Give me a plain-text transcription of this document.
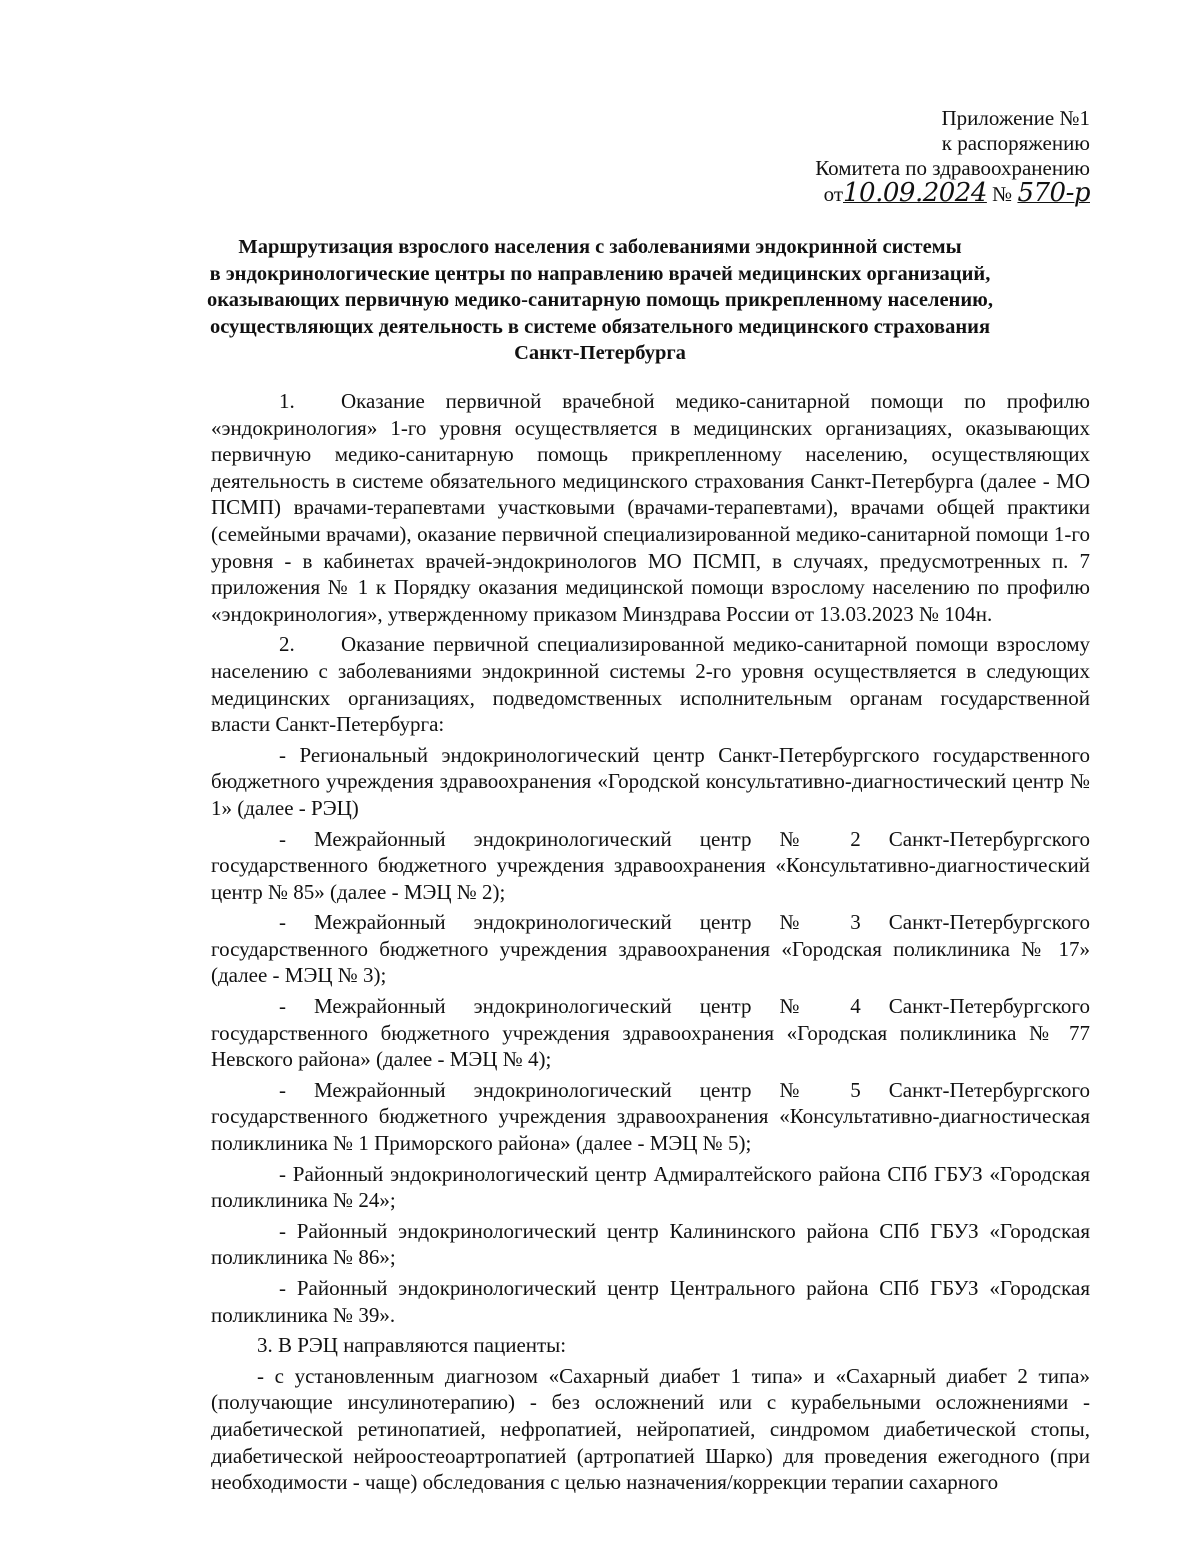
Приложение №1
к распоряжению
Комитета по здравоохранению
от10.09.2024 № 570-р
Маршрутизация взрослого населения с заболеваниями эндокринной системы
в эндокринологические центры по направлению врачей медицинских организаций,
оказывающих первичную медико-санитарную помощь прикрепленному населению,
осуществляющих деятельность в системе обязательного медицинского страхования
Санкт-Петербурга

1. Оказание первичной врачебной медико-санитарной помощи по профилю «эндокринология» 1-го уровня осуществляется в медицинских организациях, оказывающих первичную медико-санитарную помощь прикрепленному населению, осуществляющих деятельность в системе обязательного медицинского страхования Санкт-Петербурга (далее - МО ПСМП) врачами-терапевтами участковыми (врачами-терапевтами), врачами общей практики (семейными врачами), оказание первичной специализированной медико-санитарной помощи 1-го уровня - в кабинетах врачей-эндокринологов МО ПСМП, в случаях, предусмотренных п. 7 приложения № 1 к Порядку оказания медицинской помощи взрослому населению по профилю «эндокринология», утвержденному приказом Минздрава России от 13.03.2023 № 104н.

2. Оказание первичной специализированной медико-санитарной помощи взрослому населению с заболеваниями эндокринной системы 2-го уровня осуществляется в следующих медицинских организациях, подведомственных исполнительным органам государственной власти Санкт-Петербурга:

- Региональный эндокринологический центр Санкт-Петербургского государственного бюджетного учреждения здравоохранения «Городской консультативно-диагностический центр № 1» (далее - РЭЦ)

- Межрайонный эндокринологический центр № 2 Санкт-Петербургского государственного бюджетного учреждения здравоохранения «Консультативно-диагностический центр № 85» (далее - МЭЦ № 2);

- Межрайонный эндокринологический центр № 3 Санкт-Петербургского государственного бюджетного учреждения здравоохранения «Городская поликлиника № 17» (далее - МЭЦ № 3);

- Межрайонный эндокринологический центр № 4 Санкт-Петербургского государственного бюджетного учреждения здравоохранения «Городская поликлиника № 77 Невского района» (далее - МЭЦ № 4);

- Межрайонный эндокринологический центр № 5 Санкт-Петербургского государственного бюджетного учреждения здравоохранения «Консультативно-диагностическая поликлиника № 1 Приморского района» (далее - МЭЦ № 5);

- Районный эндокринологический центр Адмиралтейского района СПб ГБУЗ «Городская поликлиника № 24»;

- Районный эндокринологический центр Калининского района СПб ГБУЗ «Городская поликлиника № 86»;

- Районный эндокринологический центр Центрального района СПб ГБУЗ «Городская поликлиника № 39».

3. В РЭЦ направляются пациенты:

- с установленным диагнозом «Сахарный диабет 1 типа» и «Сахарный диабет 2 типа» (получающие инсулинотерапию) - без осложнений или с курабельными осложнениями - диабетической ретинопатией, нефропатией, нейропатией, синдромом диабетической стопы, диабетической нейроостеоартропатией (артропатией Шарко) для проведения ежегодного (при необходимости - чаще) обследования с целью назначения/коррекции терапии сахарного
